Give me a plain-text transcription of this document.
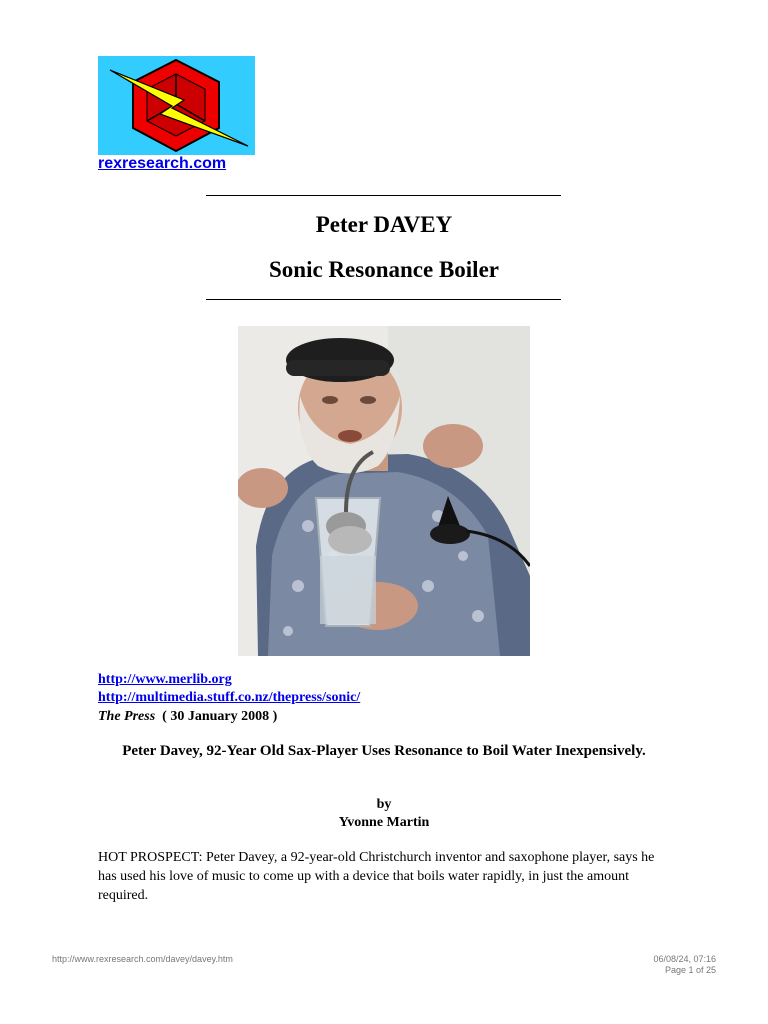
rexresearch.com
Peter DAVEY
Sonic Resonance Boiler
http://www.merlib.org
http://multimedia.stuff.co.nz/thepress/sonic/
The Press ( 30 January 2008 )
Peter Davey, 92-Year Old Sax-Player Uses Resonance to Boil Water Inexpensively.
by
Yvonne Martin
HOT PROSPECT: Peter Davey, a 92-year-old Christchurch inventor and saxophone player, says he has used his love of music to come up with a device that boils water rapidly, in just the amount required.
http://www.rexresearch.com/davey/davey.htm	06/08/24, 07:16
Page 1 of 25
